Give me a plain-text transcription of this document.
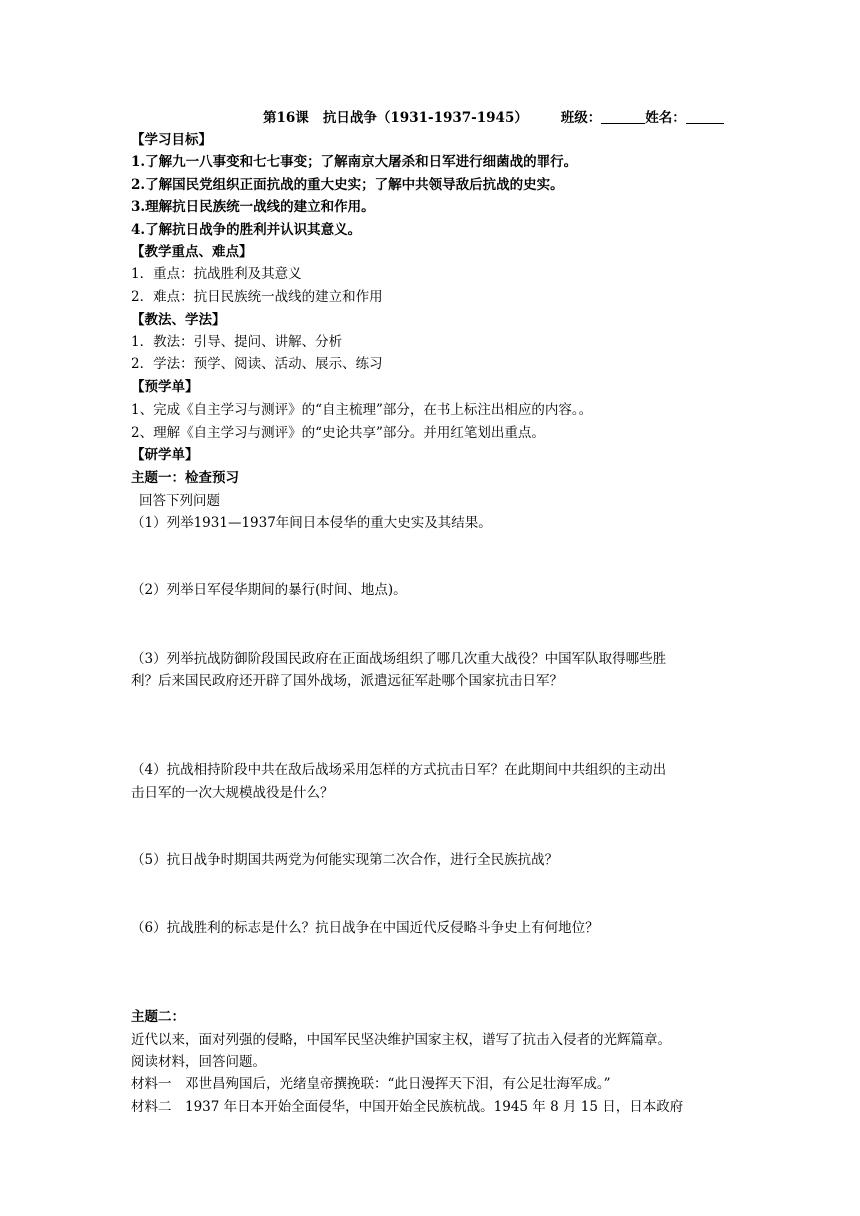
第16课 抗日战争（1931-1937-1945） 班级：	姓名：
【学习目标】
1.了解九一八事变和七七事变；了解南京大屠杀和日军进行细菌战的罪行。
2.了解国民党组织正面抗战的重大史实；了解中共领导敌后抗战的史实。
3.理解抗日民族统一战线的建立和作用。
4.了解抗日战争的胜利并认识其意义。
【教学重点、难点】
1．重点：抗战胜利及其意义
2．难点：抗日民族统一战线的建立和作用
【教法、学法】
1．教法：引导、提问、讲解、分析
2．学法：预学、阅读、活动、展示、练习
【预学单】
1、完成《自主学习与测评》的“自主梳理”部分，在书上标注出相应的内容。。
2、理解《自主学习与测评》的“史论共享”部分。并用红笔划出重点。
【研学单】
主题一：检查预习
回答下列问题
（1）列举1931—1937年间日本侵华的重大史实及其结果。
（2）列举日军侵华期间的暴行(时间、地点)。
（3）列举抗战防御阶段国民政府在正面战场组织了哪几次重大战役？中国军队取得哪些胜
利？后来国民政府还开辟了国外战场，派遣远征军赴哪个国家抗击日军？
（4）抗战相持阶段中共在敌后战场采用怎样的方式抗击日军？在此期间中共组织的主动出
击日军的一次大规模战役是什么？
（5）抗日战争时期国共两党为何能实现第二次合作，进行全民族抗战？
（6）抗战胜利的标志是什么？抗日战争在中国近代反侵略斗争史上有何地位？
主题二：
近代以来，面对列强的侵略，中国军民坚决维护国家主权，谱写了抗击入侵者的光辉篇章。
阅读材料，回答问题。
材料一　邓世昌殉国后，光绪皇帝撰挽联：“此日漫挥天下泪，有公足壮海军成。”
材料二　1937 年日本开始全面侵华，中国开始全民族杭战。1945 年 8 月 15 日，日本政府
